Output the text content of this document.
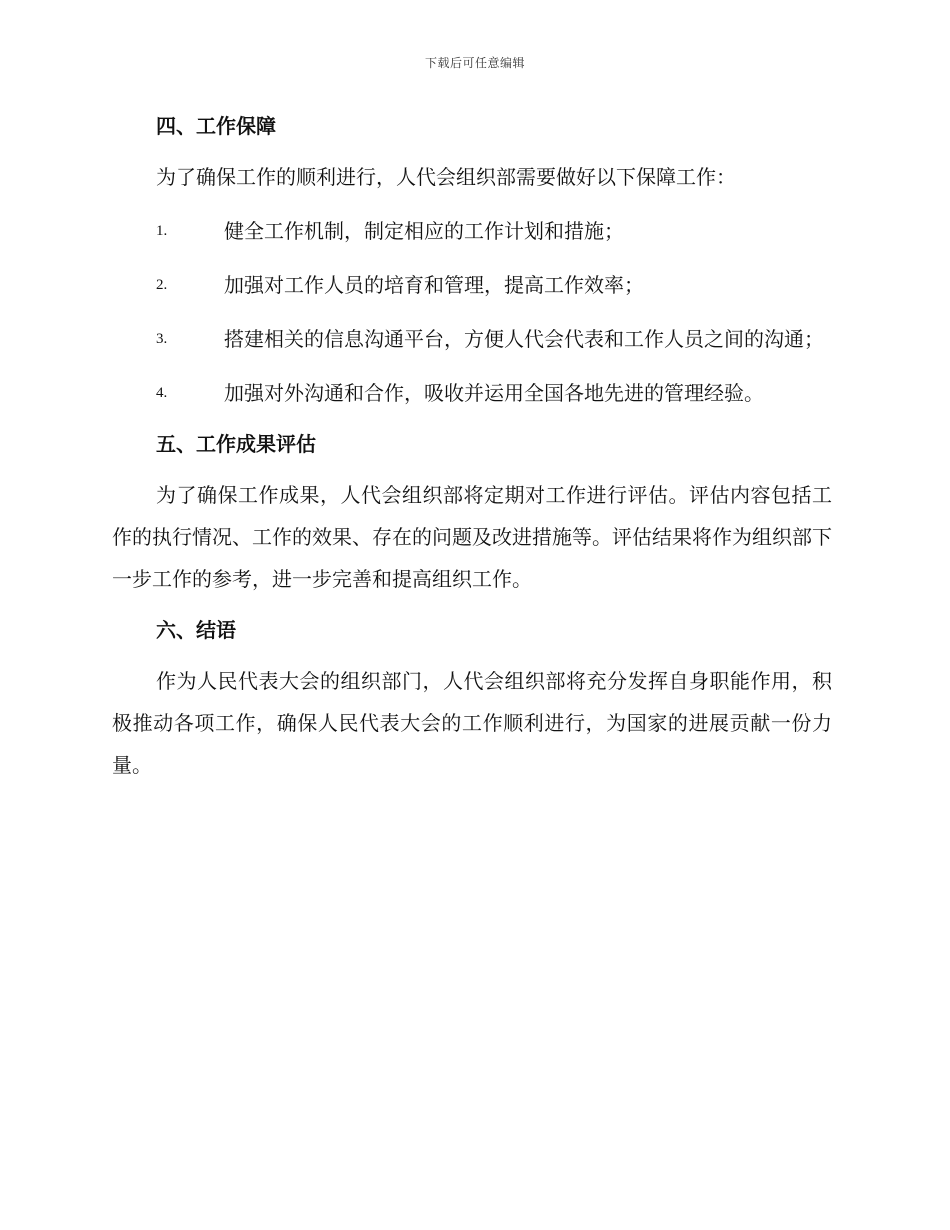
下载后可任意编辑
四、工作保障

为了确保工作的顺利进行，人代会组织部需要做好以下保障工作：

1.	健全工作机制，制定相应的工作计划和措施；
2.	加强对工作人员的培育和管理，提高工作效率；
3.	搭建相关的信息沟通平台，方便人代会代表和工作人员之间的沟通；
4.	加强对外沟通和合作，吸收并运用全国各地先进的管理经验。
五、工作成果评估

为了确保工作成果，人代会组织部将定期对工作进行评估。评估内容包括工作的执行情况、工作的效果、存在的问题及改进措施等。评估结果将作为组织部下一步工作的参考，进一步完善和提高组织工作。

六、结语

作为人民代表大会的组织部门，人代会组织部将充分发挥自身职能作用，积极推动各项工作，确保人民代表大会的工作顺利进行，为国家的进展贡献一份力量。
